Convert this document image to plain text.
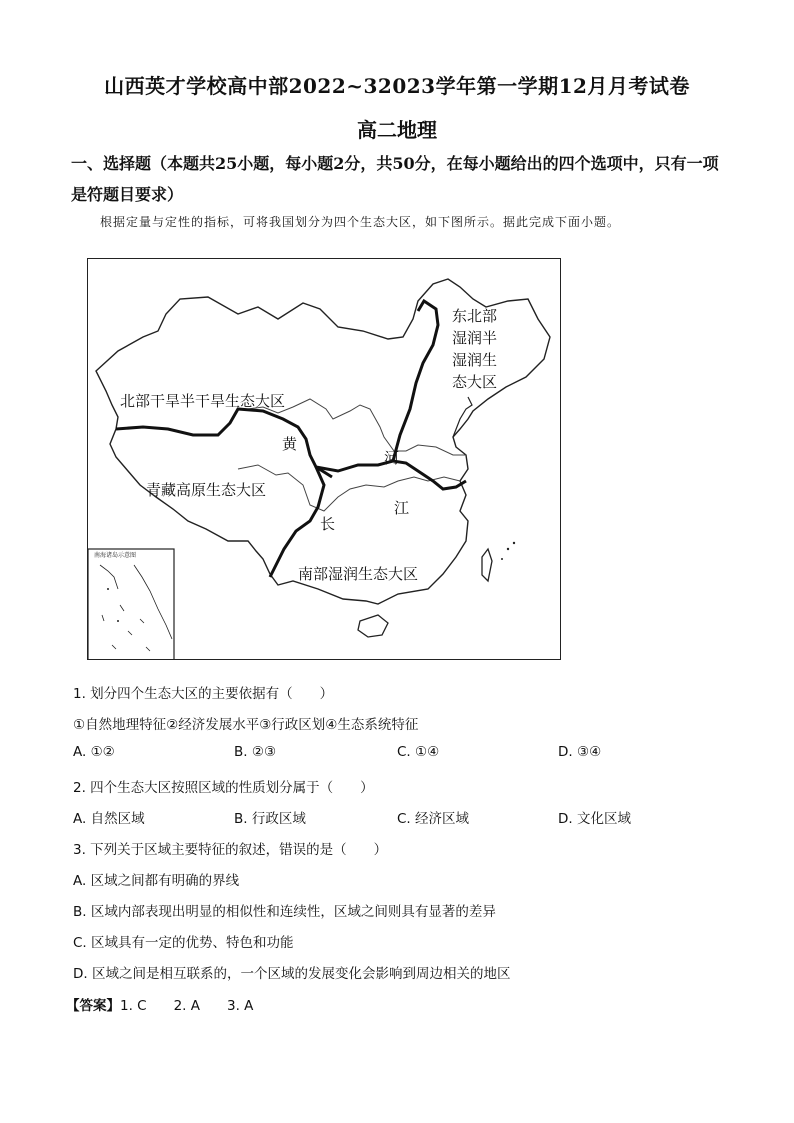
山西英才学校高中部2022~32023学年第一学期12月月考试卷
高二地理
一、选择题（本题共25小题，每小题2分，共50分，在每小题给出的四个选项中，只有一项是符题目要求）
根据定量与定性的指标，可将我国划分为四个生态大区，如下图所示。据此完成下面小题。
南海诸岛示意图
东北部
湿润半
湿润生
态大区
北部干旱半干旱生态大区
青藏高原生态大区
南部湿润生态大区
黄
河
长
江
1. 划分四个生态大区的主要依据有（　　）
①自然地理特征②经济发展水平③行政区划④生态系统特征
A. ①②	B. ②③	C. ①④	D. ③④
2. 四个生态大区按照区域的性质划分属于（　　）
A. 自然区域	B. 行政区域	C. 经济区域	D. 文化区域
3. 下列关于区域主要特征的叙述，错误的是（　　）
A. 区域之间都有明确的界线
B. 区域内部表现出明显的相似性和连续性，区域之间则具有显著的差异
C. 区域具有一定的优势、特色和功能
D. 区域之间是相互联系的，一个区域的发展变化会影响到周边相关的地区
【答案】1. C　　2. A　　3. A
